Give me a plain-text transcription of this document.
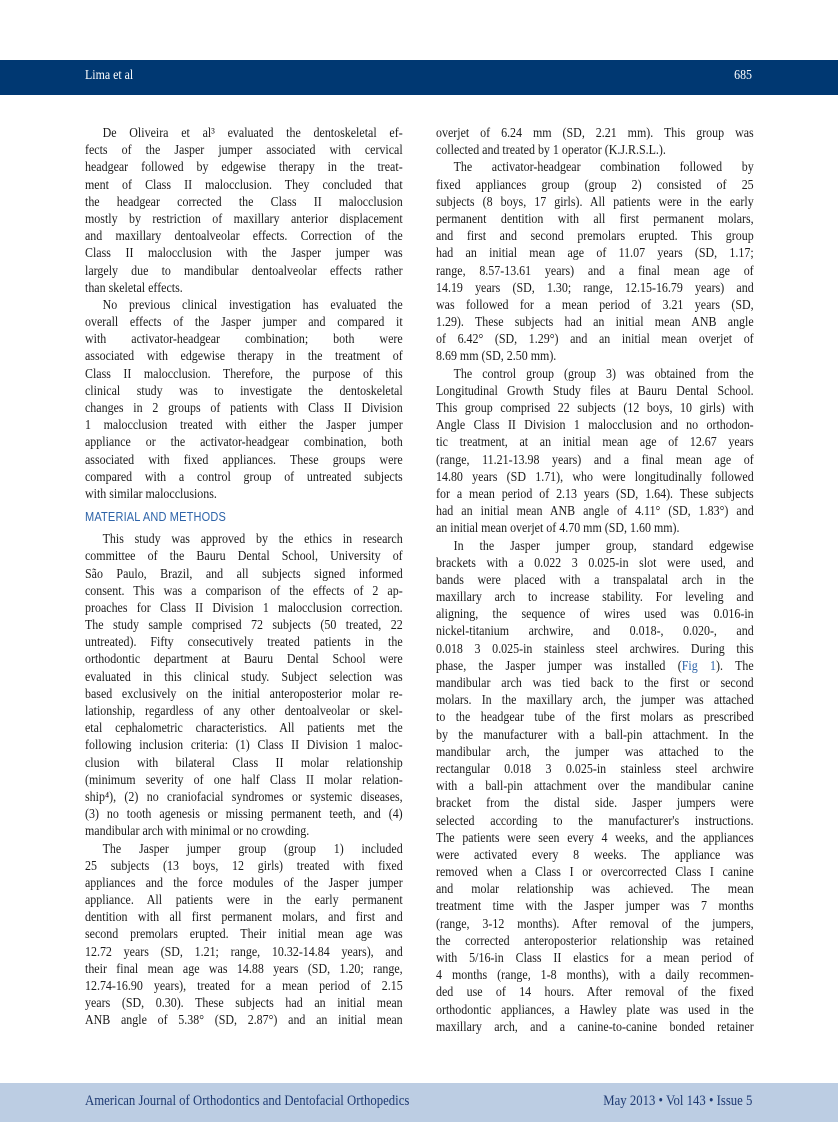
Lima et al	685
De Oliveira et al³ evaluated the dentoskeletal ef-
fects of the Jasper jumper associated with cervical
headgear followed by edgewise therapy in the treat-
ment of Class II malocclusion. They concluded that
the headgear corrected the Class II malocclusion
mostly by restriction of maxillary anterior displacement
and maxillary dentoalveolar effects. Correction of the
Class II malocclusion with the Jasper jumper was
largely due to mandibular dentoalveolar effects rather
than skeletal effects.
No previous clinical investigation has evaluated the
overall effects of the Jasper jumper and compared it
with activator-headgear combination; both were
associated with edgewise therapy in the treatment of
Class II malocclusion. Therefore, the purpose of this
clinical study was to investigate the dentoskeletal
changes in 2 groups of patients with Class II Division
1 malocclusion treated with either the Jasper jumper
appliance or the activator-headgear combination, both
associated with fixed appliances. These groups were
compared with a control group of untreated subjects
with similar malocclusions.
MATERIAL AND METHODS
This study was approved by the ethics in research
committee of the Bauru Dental School, University of
São Paulo, Brazil, and all subjects signed informed
consent. This was a comparison of the effects of 2 ap-
proaches for Class II Division 1 malocclusion correction.
The study sample comprised 72 subjects (50 treated, 22
untreated). Fifty consecutively treated patients in the
orthodontic department at Bauru Dental School were
evaluated in this clinical study. Subject selection was
based exclusively on the initial anteroposterior molar re-
lationship, regardless of any other dentoalveolar or skel-
etal cephalometric characteristics. All patients met the
following inclusion criteria: (1) Class II Division 1 maloc-
clusion with bilateral Class II molar relationship
(minimum severity of one half Class II molar relation-
ship⁴), (2) no craniofacial syndromes or systemic diseases,
(3) no tooth agenesis or missing permanent teeth, and (4)
mandibular arch with minimal or no crowding.
The Jasper jumper group (group 1) included
25 subjects (13 boys, 12 girls) treated with fixed
appliances and the force modules of the Jasper jumper
appliance. All patients were in the early permanent
dentition with all first permanent molars, and first and
second premolars erupted. Their initial mean age was
12.72 years (SD, 1.21; range, 10.32-14.84 years), and
their final mean age was 14.88 years (SD, 1.20; range,
12.74-16.90 years), treated for a mean period of 2.15
years (SD, 0.30). These subjects had an initial mean
ANB angle of 5.38° (SD, 2.87°) and an initial mean
overjet of 6.24 mm (SD, 2.21 mm). This group was
collected and treated by 1 operator (K.J.R.S.L.).
The activator-headgear combination followed by
fixed appliances group (group 2) consisted of 25
subjects (8 boys, 17 girls). All patients were in the early
permanent dentition with all first permanent molars,
and first and second premolars erupted. This group
had an initial mean age of 11.07 years (SD, 1.17;
range, 8.57-13.61 years) and a final mean age of
14.19 years (SD, 1.30; range, 12.15-16.79 years) and
was followed for a mean period of 3.21 years (SD,
1.29). These subjects had an initial mean ANB angle
of 6.42° (SD, 1.29°) and an initial mean overjet of
8.69 mm (SD, 2.50 mm).
The control group (group 3) was obtained from the
Longitudinal Growth Study files at Bauru Dental School.
This group comprised 22 subjects (12 boys, 10 girls) with
Angle Class II Division 1 malocclusion and no orthodon-
tic treatment, at an initial mean age of 12.67 years
(range, 11.21-13.98 years) and a final mean age of
14.80 years (SD 1.71), who were longitudinally followed
for a mean period of 2.13 years (SD, 1.64). These subjects
had an initial mean ANB angle of 4.11° (SD, 1.83°) and
an initial mean overjet of 4.70 mm (SD, 1.60 mm).
In the Jasper jumper group, standard edgewise
brackets with a 0.022 3 0.025-in slot were used, and
bands were placed with a transpalatal arch in the
maxillary arch to increase stability. For leveling and
aligning, the sequence of wires used was 0.016-in
nickel-titanium archwire, and 0.018-, 0.020-, and
0.018 3 0.025-in stainless steel archwires. During this
phase, the Jasper jumper was installed (Fig 1). The
mandibular arch was tied back to the first or second
molars. In the maxillary arch, the jumper was attached
to the headgear tube of the first molars as prescribed
by the manufacturer with a ball-pin attachment. In the
mandibular arch, the jumper was attached to the
rectangular 0.018 3 0.025-in stainless steel archwire
with a ball-pin attachment over the mandibular canine
bracket from the distal side. Jasper jumpers were
selected according to the manufacturer's instructions.
The patients were seen every 4 weeks, and the appliances
were activated every 8 weeks. The appliance was
removed when a Class I or overcorrected Class I canine
and molar relationship was achieved. The mean
treatment time with the Jasper jumper was 7 months
(range, 3-12 months). After removal of the jumpers,
the corrected anteroposterior relationship was retained
with 5/16-in Class II elastics for a mean period of
4 months (range, 1-8 months), with a daily recommen-
ded use of 14 hours. After removal of the fixed
orthodontic appliances, a Hawley plate was used in the
maxillary arch, and a canine-to-canine bonded retainer
American Journal of Orthodontics and Dentofacial Orthopedics	May 2013 • Vol 143 • Issue 5
